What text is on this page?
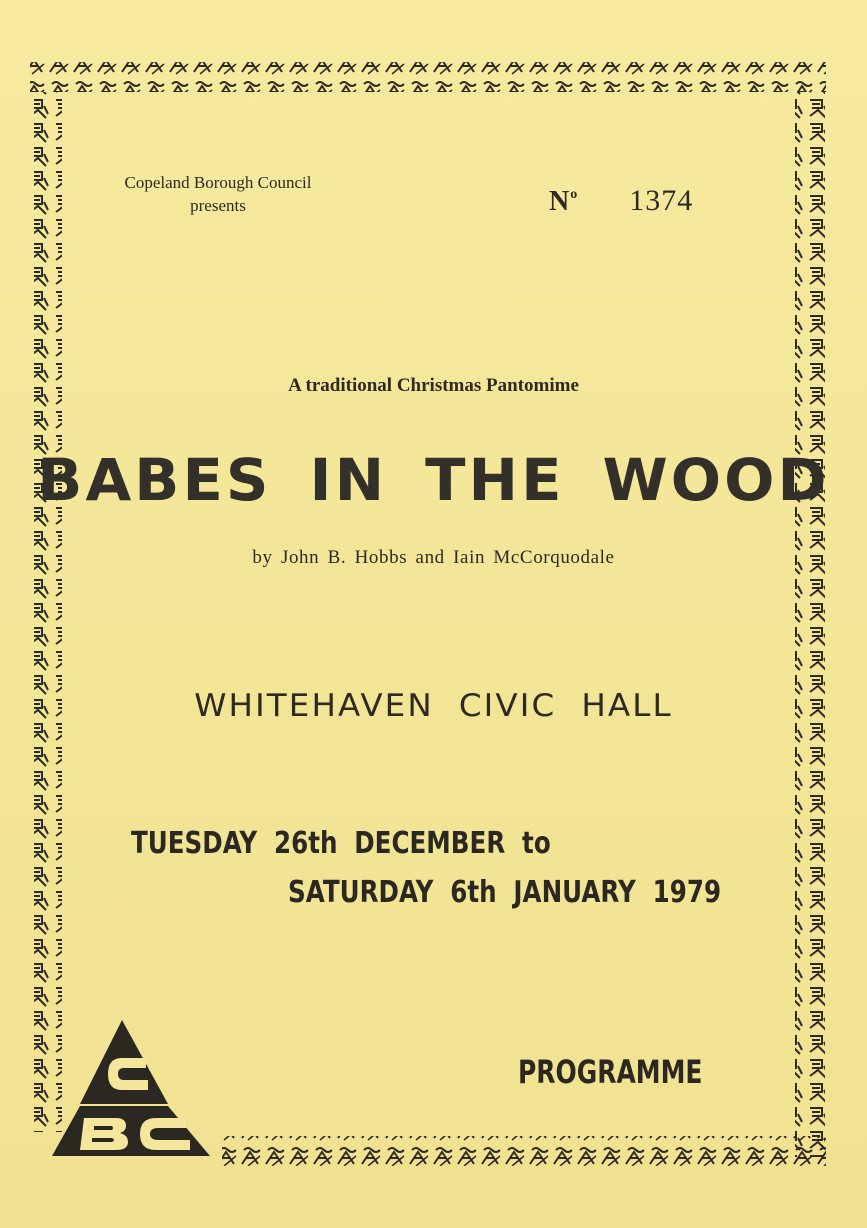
Copeland Borough Council
presents	$N^o$ 1374
A traditional Christmas Pantomime
BABES IN THE WOOD
by John B. Hobbs and Iain McCorquodale
WHITEHAVEN CIVIC HALL
TUESDAY 26th DECEMBER to
SATURDAY 6th JANUARY 1979
PROGRAMME
